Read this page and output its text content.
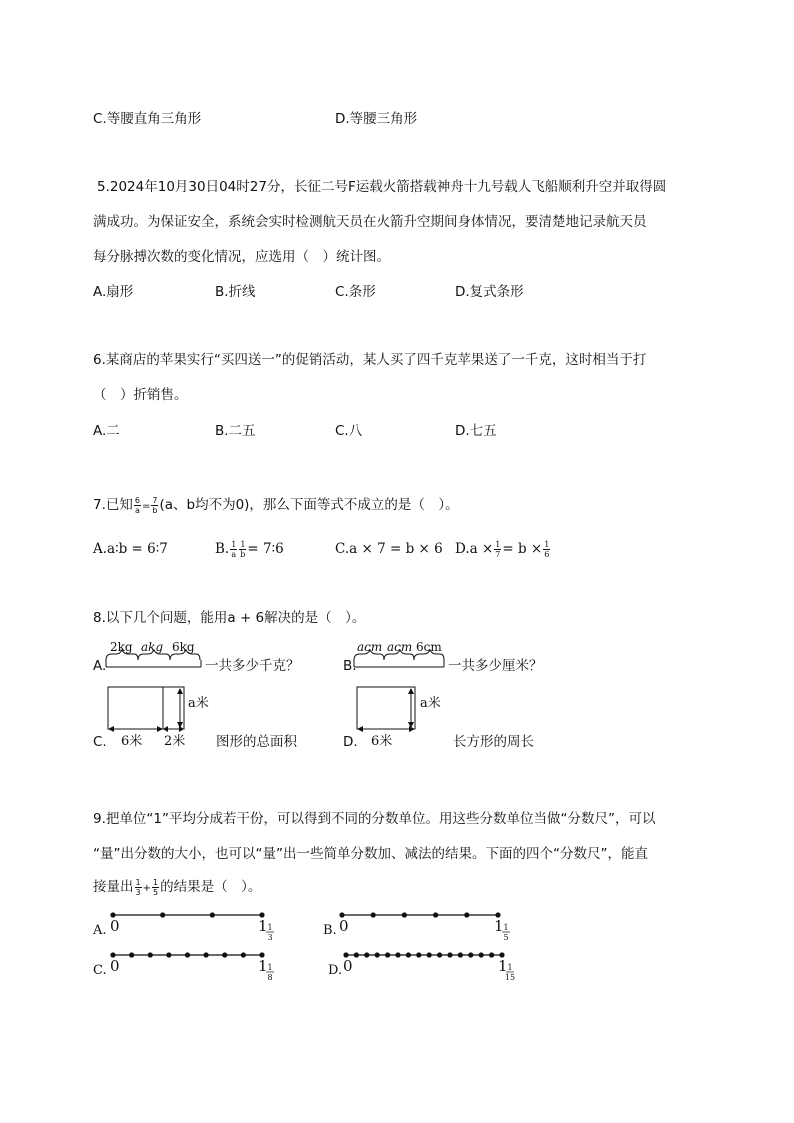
C.等腰直角三角形	D.等腰三角形
5.2024年10月30日04时27分，长征二号F运载火箭搭载神舟十九号载人飞船顺利升空并取得圆
满成功。为保证安全，系统会实时检测航天员在火箭升空期间身体情况，要清楚地记录航天员
每分脉搏次数的变化情况，应选用（　）统计图。
A.扇形	B.折线	C.条形	D.复式条形
6.某商店的苹果实行“买四送一”的促销活动，某人买了四千克苹果送了一千克，这时相当于打
（　）折销售。
A.二	B.二五	C.八	D.七五
7.已知 $\frac{6}{a} = \frac{7}{b} (a$、b均不为0)，那么下面等式不成立的是（　）。
A.a∶b = 6∶7	B. $\frac{1}{a} \frac{1}{b}$ = 7∶6	C.a × 7 = b × 6 $D.a \times \frac{1}{7} = b \times \frac{1}{6}$
8.以下几个问题，能用a + 6解决的是（　）。
A.
2kg akg 6kg
一共多少千克？	B.
acm acm 6cm
一共多少厘米？
C.
a米
6米 2米 图形的总面积	D.
a米
6米	长方形的周长
9.把单位“1”平均分成若干份，可以得到不同的分数单位。用这些分数单位当做“分数尺”，可以
“量”出分数的大小，也可以“量”出一些简单分数加、减法的结果。下面的四个“分数尺”，能直
接量出 $\frac{1}{3} + \frac{1}{5}$ 的结果是（　）。
A. 0	1 1
3	B. 0	1 1
5
C. 0	1 1
8	D. 0	1 1
15
